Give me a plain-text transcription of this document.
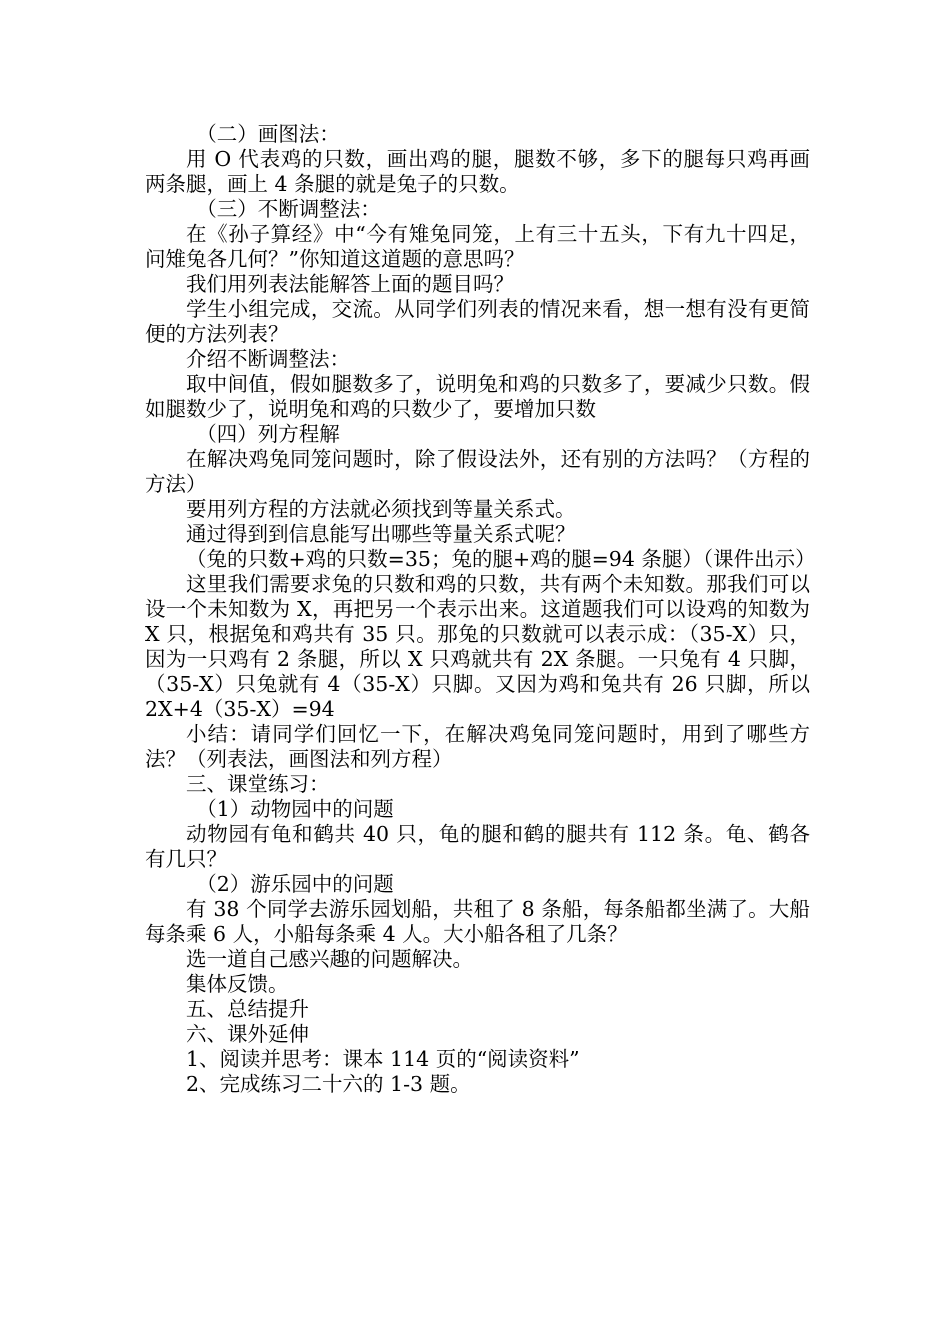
（二）画图法：

用 O 代表鸡的只数，画出鸡的腿，腿数不够，多下的腿每只鸡再画两条腿，画上 4 条腿的就是兔子的只数。

（三）不断调整法：

在《孙子算经》中“今有雉兔同笼，上有三十五头，下有九十四足，问雉兔各几何？”你知道这道题的意思吗？

我们用列表法能解答上面的题目吗？

学生小组完成，交流。从同学们列表的情况来看，想一想有没有更简便的方法列表？

介绍不断调整法：

取中间值，假如腿数多了，说明兔和鸡的只数多了，要减少只数。假如腿数少了，说明兔和鸡的只数少了，要增加只数

（四）列方程解

在解决鸡兔同笼问题时，除了假设法外，还有别的方法吗？（方程的方法）

要用列方程的方法就必须找到等量关系式。

通过得到到信息能写出哪些等量关系式呢？

（兔的只数+鸡的只数=35；兔的腿+鸡的腿=94 条腿）（课件出示）

这里我们需要求兔的只数和鸡的只数，共有两个未知数。那我们可以设一个未知数为 X，再把另一个表示出来。这道题我们可以设鸡的知数为 X 只，根据兔和鸡共有 35 只。那兔的只数就可以表示成：（35-X）只，因为一只鸡有 2 条腿，所以 X 只鸡就共有 2X 条腿。一只兔有 4 只脚，（35-X）只兔就有 4（35-X）只脚。又因为鸡和兔共有 26 只脚，所以 2X+4（35-X）=94

小结：请同学们回忆一下，在解决鸡兔同笼问题时，用到了哪些方法？（列表法，画图法和列方程）

三、课堂练习：

（1）动物园中的问题

动物园有龟和鹤共 40 只，龟的腿和鹤的腿共有 112 条。龟、鹤各有几只？

（2）游乐园中的问题

有 38 个同学去游乐园划船，共租了 8 条船，每条船都坐满了。大船每条乘 6 人，小船每条乘 4 人。大小船各租了几条？

选一道自己感兴趣的问题解决。

集体反馈。

五、总结提升

六、课外延伸

1、阅读并思考：课本 114 页的“阅读资料”

2、完成练习二十六的 1-3 题。
